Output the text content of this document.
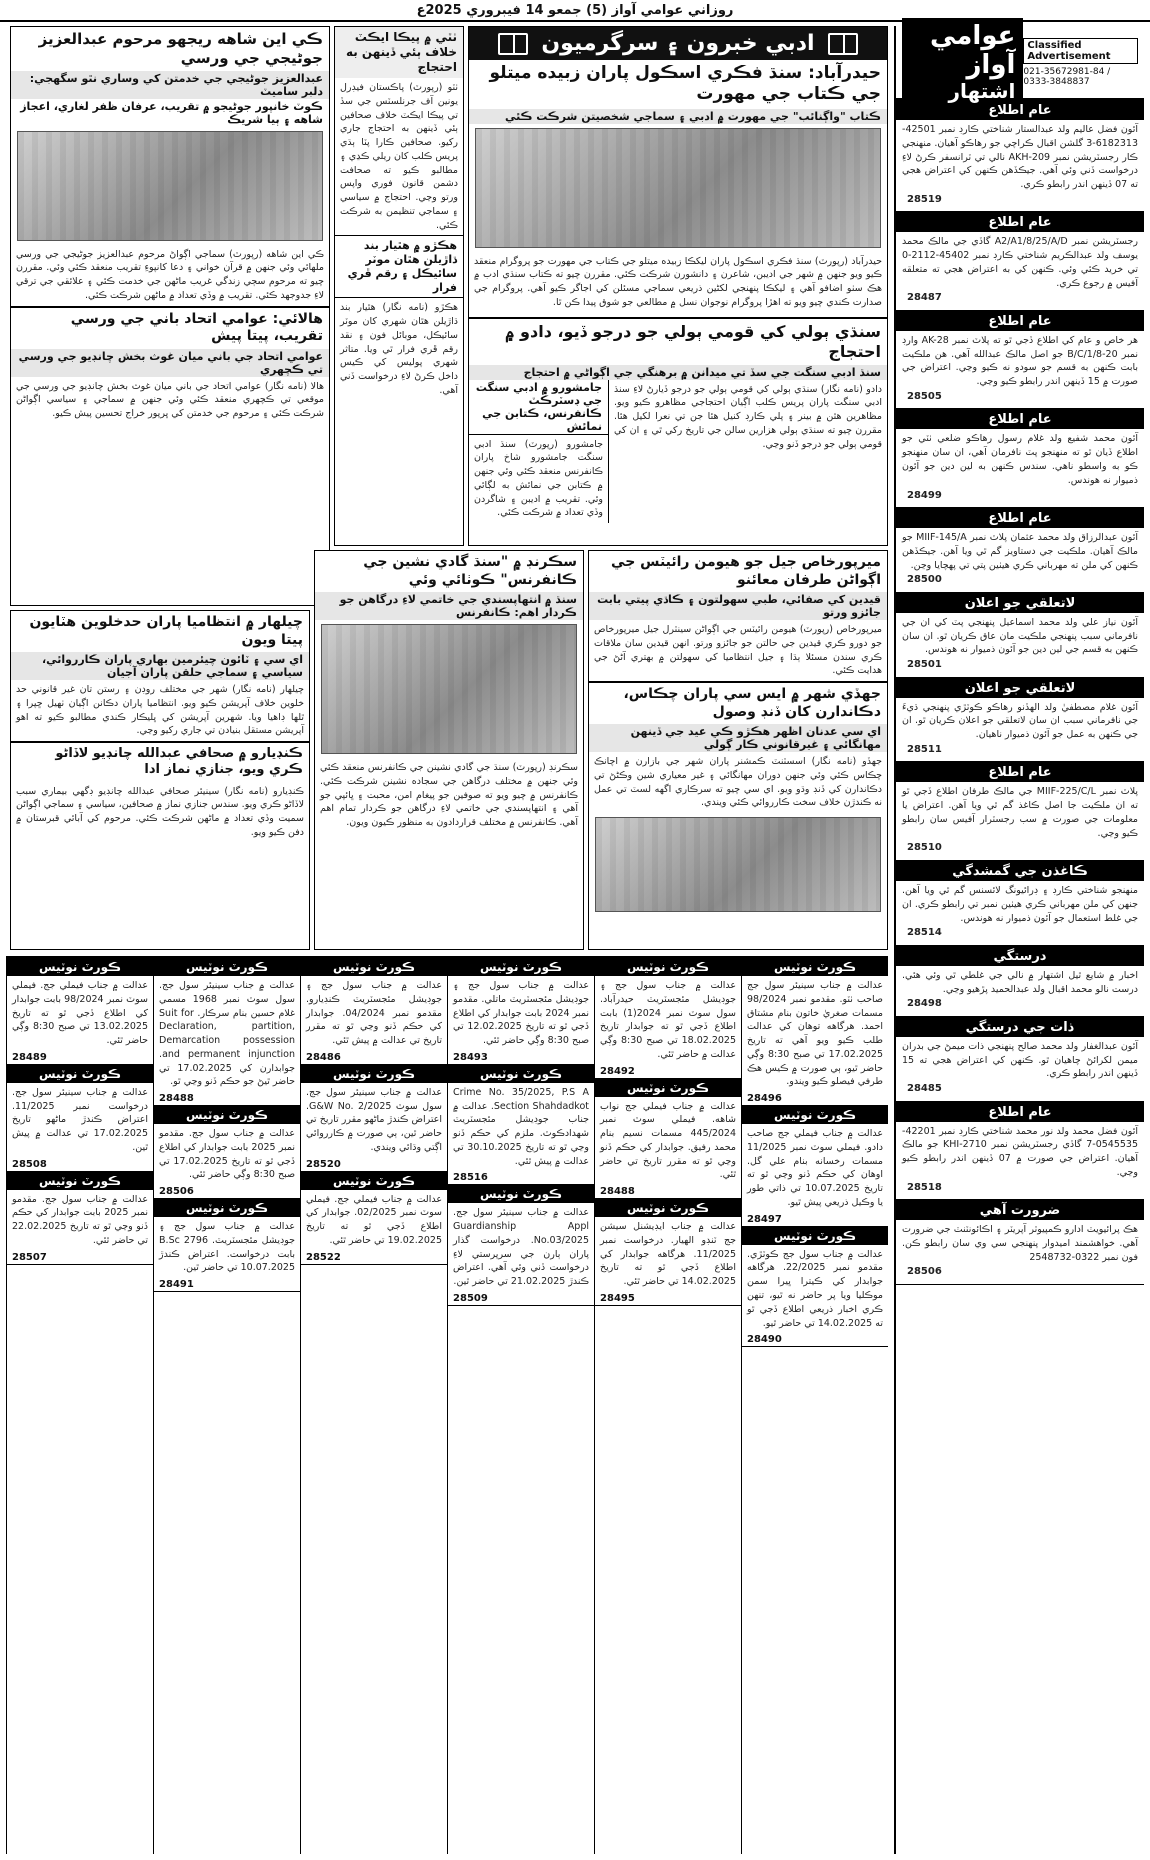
روزاني عوامي آواز (5) جمعو 14 فيبروري 2025ع
Classified Advertisement
021-35672981-84 / 0333-3848837
عوامي آواز
اشتهار
عام اطلاع
آئون فضل عاليم ولد عبدالستار شناختي ڪارڊ نمبر 42501-6182313-3 گلشن اقبال ڪراچي جو رهاڪو آهيان. منهنجي ڪار رجسٽريشن نمبر AKH-209 نالي تي ٽرانسفر ڪرڻ لاءِ درخواست ڏني وئي آهي. جيڪڏهن ڪنهن کي اعتراض هجي ته 07 ڏينهن اندر رابطو ڪري.
28519
عام اطلاع
رجسٽريشن نمبر A2/A1/8/25/A/D گاڏي جي مالڪ محمد يوسف ولد عبدالڪريم شناختي ڪارڊ نمبر 45402-2112-0 تي خريد ڪئي وئي. ڪنهن کي به اعتراض هجي ته متعلقه آفيس ۾ رجوع ڪري.
28487
عام اطلاع
هر خاص و عام کي اطلاع ڏجي ٿو ته پلاٽ نمبر AK-28 وارڊ نمبر 20-B/C/1/8 جو اصل مالڪ عبدالله آهي. هن ملڪيت بابت ڪنهن به قسم جو سودو نه ڪيو وڃي. اعتراض جي صورت ۾ 15 ڏينهن اندر رابطو ڪيو وڃي.
28505
عام اطلاع
آئون محمد شفيع ولد غلام رسول رهاڪو ضلعي ٺٽي جو اطلاع ڏيان ٿو ته منهنجو پٽ نافرمان آهي، ان سان منهنجو ڪو به واسطو ناهي. سندس ڪنهن به لين دين جو آئون ذميوار نه هوندس.
28499
عام اطلاع
آئون عبدالرزاق ولد محمد عثمان پلاٽ نمبر MIIF-145/A جو مالڪ آهيان. ملڪيت جي دستاويز گم ٿي ويا آهن. جيڪڏهن ڪنهن کي ملن ته مهرباني ڪري هيٺين پتي تي پهچايا وڃن.
28500
لاتعلقي جو اعلان
آئون نياز علي ولد محمد اسماعيل پنهنجي پٽ کي ان جي نافرماني سبب پنهنجي ملڪيت مان عاق ڪريان ٿو. ان سان ڪنهن به قسم جي لين دين جو آئون ذميوار نه هوندس.
28501
لاتعلقي جو اعلان
آئون غلام مصطفيٰ ولد الهڏنو رهاڪو ڪوٽڙي پنهنجي ڌيءَ جي نافرماني سبب ان سان لاتعلقي جو اعلان ڪريان ٿو. ان جي ڪنهن به عمل جو آئون ذميوار ناهيان.
28511
عام اطلاع
پلاٽ نمبر MIIF-225/C/L جي مالڪ طرفان اطلاع ڏجي ٿو ته ان ملڪيت جا اصل ڪاغذ گم ٿي ويا آهن. اعتراض يا معلومات جي صورت ۾ سب رجسٽرار آفيس سان رابطو ڪيو وڃي.
28510
ڪاغذن جي گمشدگي
منهنجو شناختي ڪارڊ ۽ ڊرائيونگ لائسنس گم ٿي ويا آهن. جنهن کي ملن مهرباني ڪري هيٺين نمبر تي رابطو ڪري. ان جي غلط استعمال جو آئون ذميوار نه هوندس.
28514
درستگي
اخبار ۾ شايع ٿيل اشتهار ۾ نالي جي غلطي ٿي وئي هئي. درست نالو محمد اقبال ولد عبدالحميد پڙهيو وڃي.
28498
ذات جي درستگي
آئون عبدالغفار ولد محمد صالح پنهنجي ذات ميمڻ جي بدران ميمن لکرائڻ چاهيان ٿو. ڪنهن کي اعتراض هجي ته 15 ڏينهن اندر رابطو ڪري.
28485
عام اطلاع
آئون فضل محمد ولد نور محمد شناختي ڪارڊ نمبر 42201-0545535-7 گاڏي رجسٽريشن نمبر KHI-2710 جو مالڪ آهيان. اعتراض جي صورت ۾ 07 ڏينهن اندر رابطو ڪيو وڃي.
28518
ضرورت آهي
هڪ پرائيويٽ ادارو ڪمپيوٽر آپريٽر ۽ اڪائونٽنٽ جي ضرورت آهي. خواهشمند اميدوار پنهنجي سي وي سان رابطو ڪن. فون نمبر 0322-2548732
28506
ادبي خبرون ۽ سرگرميون
حيدرآباد: سنڌ فڪري اسڪول پاران زبيده ميتلو جي ڪتاب جي مهورت
ڪتاب "واڳنائب" جي مهورت ۾ ادبي ۽ سماجي شخصيتن شرڪت ڪئي
حيدرآباد (رپورٽ) سنڌ فڪري اسڪول پاران ليکڪا زبيده ميتلو جي ڪتاب جي مهورت جو پروگرام منعقد ڪيو ويو جنهن ۾ شهر جي اديبن، شاعرن ۽ دانشورن شرڪت ڪئي. مقررن چيو ته ڪتاب سنڌي ادب ۾ هڪ سٺو اضافو آهي ۽ ليکڪا پنهنجي لکڻين ذريعي سماجي مسئلن کي اجاگر ڪيو آهي. پروگرام جي صدارت ڪندي چيو ويو ته اهڙا پروگرام نوجوان نسل ۾ مطالعي جو شوق پيدا ڪن ٿا.
سنڌي ٻولي کي قومي ٻولي جو درجو ڏيو، دادو ۾ احتجاج
سنڌ ادبي سنگت جي سڏ تي ميدانن ۾ برهنگي جي اڳواڻي ۾ احتجاج
دادو (نامه نگار) سنڌي ٻولي کي قومي ٻولي جو درجو ڏيارڻ لاءِ سنڌ ادبي سنگت پاران پريس ڪلب اڳيان احتجاجي مظاهرو ڪيو ويو. مظاهرين هٿن ۾ بينر ۽ پلي ڪارڊ کنيل هئا جن تي نعرا لکيل هئا. مقررن چيو ته سنڌي ٻولي هزارين سالن جي تاريخ رکي ٿي ۽ ان کي قومي ٻولي جو درجو ڏنو وڃي.
جامشورو ۾ ادبي سنگت جي ڊسٽرڪٽ ڪانفرنس، ڪتابن جي نمائش
جامشورو (رپورٽ) سنڌ ادبي سنگت جامشورو شاخ پاران ڪانفرنس منعقد ڪئي وئي جنهن ۾ ڪتابن جي نمائش به لڳائي وئي. تقريب ۾ اديبن ۽ شاگردن وڏي تعداد ۾ شرڪت ڪئي.
ٺٽي ۾ پيڪا ايڪٽ خلاف ٻئي ڏينهن به احتجاج
ٺٽو (رپورٽ) پاڪستان فيڊرل يونين آف جرنلسٽس جي سڏ تي پيڪا ايڪٽ خلاف صحافين ٻئي ڏينهن به احتجاج جاري رکيو. صحافين ڪارا پٽا ٻڌي پريس ڪلب کان ريلي ڪڍي ۽ مطالبو ڪيو ته صحافت دشمن قانون فوري واپس ورتو وڃي. احتجاج ۾ سياسي ۽ سماجي تنظيمن به شرڪت ڪئي.
هڪڙو ۾ هٿيار بند ڌاڙيلن هٿان موٽر سائيڪل ۽ رقم ڦري فرار
هڪڙو (نامه نگار) هٿيار بند ڌاڙيلن هٿان شهري کان موٽر سائيڪل، موبائل فون ۽ نقد رقم ڦري فرار ٿي ويا. متاثر شهري پوليس کي ڪيس داخل ڪرڻ لاءِ درخواست ڏني آهي.
ڪي اين شاهه ريجهو مرحوم عبدالعزيز جوڻيجي جي ورسي
عبدالعزيز جوڻيجي جي خدمتن کي وساري نٿو سگهجي: دلبر ساميٽ
ڪوٽ خانپور جوڻيجو ۾ تقريب، عرفان ظفر لغاري، اعجاز شاهه ۽ ٻيا شريڪ
ڪي اين شاهه (رپورٽ) سماجي اڳواڻ مرحوم عبدالعزيز جوڻيجي جي ورسي ملهائي وئي جنهن ۾ قرآن خواني ۽ دعا کانپوءِ تقريب منعقد ڪئي وئي. مقررن چيو ته مرحوم سڄي زندگي غريب ماڻهن جي خدمت ڪئي ۽ علائقي جي ترقي لاءِ جدوجهد ڪئي. تقريب ۾ وڏي تعداد ۾ ماڻهن شرڪت ڪئي.
هالائي: عوامي اتحاد باني جي ورسي تقريب، پيتا پيش
عوامي اتحاد جي باني ميان غوث بخش چانڊيو جي ورسي تي ڪچهري
هالا (نامه نگار) عوامي اتحاد جي باني ميان غوث بخش چانڊيو جي ورسي جي موقعي تي ڪچهري منعقد ڪئي وئي جنهن ۾ سماجي ۽ سياسي اڳواڻن شرڪت ڪئي ۽ مرحوم جي خدمتن کي ڀرپور خراج تحسين پيش ڪيو.
ميرپورخاص جيل جو هيومن رائيٽس جي اڳواڻن طرفان معائنو
قيدين کي صفائي، طبي سهولتون ۽ ڪاڌي پيتي بابت جائزو ورتو
ميرپورخاص (رپورٽ) هيومن رائيٽس جي اڳواڻن سينٽرل جيل ميرپورخاص جو دورو ڪري قيدين جي حالتن جو جائزو ورتو. انهن قيدين سان ملاقات ڪري سندن مسئلا ٻڌا ۽ جيل انتظاميا کي سهولتن ۾ بهتري آڻڻ جي هدايت ڪئي.
جهڏي شهر ۾ ايس سي پاران چڪاس، دڪاندارن کان ڏنڊ وصول
اي سي عدنان اظهر هڪڙو ڪي عيد جي ڏينهن مهانگائي ۽ غيرقانوني ڪار ڳولي
جهڏو (نامه نگار) اسسٽنٽ ڪمشنر پاران شهر جي بازارن ۾ اچانڪ چڪاس ڪئي وئي جنهن دوران مهانگائي ۽ غير معياري شين وڪڻڻ تي دڪاندارن کي ڏنڊ وڌو ويو. اي سي چيو ته سرڪاري اگهه لسٽ تي عمل نه ڪندڙن خلاف سخت ڪارروائي ڪئي ويندي.
سڪرنڊ ۾ "سنڌ گادي نشين جي ڪانفرنس" ڪوٺائي وئي
سنڌ ۾ انتهاپسندي جي خاتمي لاءِ درگاهن جو ڪردار اهم: ڪانفرنس
سڪرنڊ (رپورٽ) سنڌ جي گادي نشينن جي ڪانفرنس منعقد ڪئي وئي جنهن ۾ مختلف درگاهن جي سجاده نشينن شرڪت ڪئي. ڪانفرنس ۾ چيو ويو ته صوفين جو پيغام امن، محبت ۽ ڀائپي جو آهي ۽ انتهاپسندي جي خاتمي لاءِ درگاهن جو ڪردار تمام اهم آهي. ڪانفرنس ۾ مختلف قراردادون به منظور ڪيون ويون.
چيلهار ۾ انتظاميا پاران حدخلوين هٽايون پيتا ويون
اي سي ۽ ٽائون چيئرمين بهاري پاران ڪارروائي، سياسي ۽ سماجي حلقن پاران آجيان
چيلهار (نامه نگار) شهر جي مختلف روڊن ۽ رستن تان غير قانوني حد خلوين خلاف آپريشن ڪيو ويو. انتظاميا پاران دڪانن اڳيان ٺهيل ڇپرا ۽ ٿلها ڊاهيا ويا. شهرين آپريشن کي ڀليڪار ڪندي مطالبو ڪيو ته اهو آپريشن مستقل بنيادن تي جاري رکيو وڃي.
ڪنڊيارو ۾ صحافي عبدالله چانڊيو لاڏاڻو ڪري ويو، جنازي نماز ادا
ڪنڊيارو (نامه نگار) سينيئر صحافي عبدالله چانڊيو ڊگهي بيماري سبب لاڏاڻو ڪري ويو. سندس جنازي نماز ۾ صحافين، سياسي ۽ سماجي اڳواڻن سميت وڏي تعداد ۾ ماڻهن شرڪت ڪئي. مرحوم کي آبائي قبرستان ۾ دفن ڪيو ويو.
ڪورٽ نوٽيس
عدالت ۾ جناب سينيئر سول جج صاحب ٺٽو. مقدمو نمبر 98/2024 مسمات صغريٰ خاتون بنام مشتاق احمد. هرگاهه توهان کي عدالت طلب ڪيو ويو آهي ته تاريخ 17.02.2025 تي صبح 8:30 وڳي حاضر ٿيو، ٻي صورت ۾ ڪيس هڪ طرفي فيصلو ڪيو ويندو.
28496
ڪورٽ نوٽيس
عدالت ۾ جناب فيملي جج صاحب دادو. فيملي سوٽ نمبر 11/2025 مسمات رخسانه بنام علي گل. اوهان کي حڪم ڏنو وڃي ٿو ته تاريخ 10.07.2025 تي ذاتي طور يا وڪيل ذريعي پيش ٿيو.
28497
ڪورٽ نوٽيس
عدالت ۾ جناب سول جج ڪوٽڙي. مقدمو نمبر 22/2025. هرگاهه جوابدار کي ڪيترا ڀيرا سمن موڪليا ويا پر حاضر نه ٿيو، تنهن ڪري اخبار ذريعي اطلاع ڏجي ٿو ته 14.02.2025 تي حاضر ٿيو.
28490
ڪورٽ نوٽيس
عدالت ۾ جناب سول جج ۽ جوڊيشل مئجسٽريٽ حيدرآباد. سول سوٽ نمبر 2024(1) بابت اطلاع ڏجي ٿو ته جوابدار تاريخ 18.02.2025 تي صبح 8:30 وڳي عدالت ۾ حاضر ٿئي.
28492
ڪورٽ نوٽيس
عدالت ۾ جناب فيملي جج نواب شاهه. فيملي سوٽ نمبر 445/2024 مسمات نسيم بنام محمد رفيق. جوابدار کي حڪم ڏنو وڃي ٿو ته مقرر تاريخ تي حاضر ٿئي.
28488
ڪورٽ نوٽيس
عدالت ۾ جناب ايڊيشنل سيشن جج ٽنڊو الهيار. درخواست نمبر 11/2025. هرگاهه جوابدار کي اطلاع ڏجي ٿو ته تاريخ 14.02.2025 تي حاضر ٿئي.
28495
ڪورٽ نوٽيس
عدالت ۾ جناب سول جج ۽ جوڊيشل مئجسٽريٽ ماتلي. مقدمو نمبر 2024 بابت جوابدار کي اطلاع ڏجي ٿو ته تاريخ 12.02.2025 تي صبح 8:30 وڳي حاضر ٿئي.
28493
ڪورٽ نوٽيس
Crime No. 35/2025, P.S A Section Shahdadkot. عدالت ۾ جناب جوڊيشل مئجسٽريٽ شهدادڪوٽ. ملزم کي حڪم ڏنو وڃي ٿو ته تاريخ 30.10.2025 تي عدالت ۾ پيش ٿئي.
28516
ڪورٽ نوٽيس
عدالت ۾ جناب سينيئر سول جج. Guardianship Appl No.03/2025. درخواست گذار پاران ٻارن جي سرپرستي لاءِ درخواست ڏني وئي آهي. اعتراض ڪندڙ 21.02.2025 تي حاضر ٿين.
28509
ڪورٽ نوٽيس
عدالت ۾ جناب سول جج ۽ جوڊيشل مئجسٽريٽ ڪنڊيارو. مقدمو نمبر 04/2024. جوابدار کي حڪم ڏنو وڃي ٿو ته مقرر تاريخ تي عدالت ۾ پيش ٿئي.
28486
ڪورٽ نوٽيس
عدالت ۾ جناب سينيئر سول جج. سول سوٽ G&W No. 2/2025. اعتراض ڪندڙ ماڻهو مقرر تاريخ تي حاضر ٿين، ٻي صورت ۾ ڪارروائي اڳتي وڌائي ويندي.
28520
ڪورٽ نوٽيس
عدالت ۾ جناب فيملي جج. فيملي سوٽ نمبر 02/2025. جوابدار کي اطلاع ڏجي ٿو ته تاريخ 19.02.2025 تي حاضر ٿئي.
28522
ڪورٽ نوٽيس
عدالت ۾ جناب سينيئر سول جج. سول سوٽ نمبر 1968 مسمي غلام حسين بنام سرڪار. Suit for Declaration, partition, Demarcation possession and permanent injunction. جوابدارن کي 17.02.2025 تي حاضر ٿيڻ جو حڪم ڏنو وڃي ٿو.
28488
ڪورٽ نوٽيس
عدالت ۾ جناب سول جج. مقدمو نمبر 2025 بابت جوابدار کي اطلاع ڏجي ٿو ته تاريخ 17.02.2025 تي صبح 8:30 وڳي حاضر ٿئي.
28506
ڪورٽ نوٽيس
عدالت ۾ جناب سول جج ۽ جوڊيشل مئجسٽريٽ. B.Sc 2796 بابت درخواست. اعتراض ڪندڙ 10.07.2025 تي حاضر ٿين.
28491
ڪورٽ نوٽيس
عدالت ۾ جناب فيملي جج. فيملي سوٽ نمبر 98/2024 بابت جوابدار کي اطلاع ڏجي ٿو ته تاريخ 13.02.2025 تي صبح 8:30 وڳي حاضر ٿئي.
28489
ڪورٽ نوٽيس
عدالت ۾ جناب سينيئر سول جج. درخواست نمبر 11/2025. اعتراض ڪندڙ ماڻهو تاريخ 17.02.2025 تي عدالت ۾ پيش ٿين.
28508
ڪورٽ نوٽيس
عدالت ۾ جناب سول جج. مقدمو نمبر 2025 بابت جوابدار کي حڪم ڏنو وڃي ٿو ته تاريخ 22.02.2025 تي حاضر ٿئي.
28507
